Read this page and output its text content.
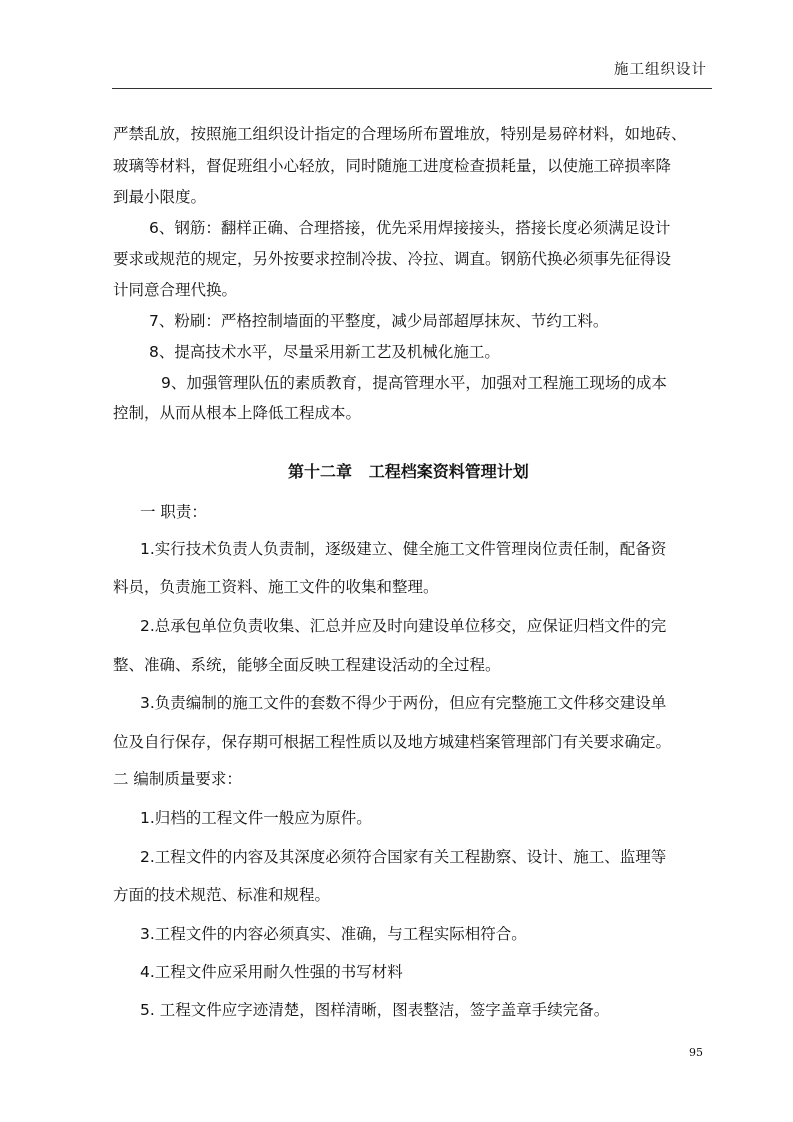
施工组织设计
严禁乱放，按照施工组织设计指定的合理场所布置堆放，特别是易碎材料，如地砖、
玻璃等材料，督促班组小心轻放，同时随施工进度检查损耗量，以使施工碎损率降
到最小限度。
6、钢筋：翻样正确、合理搭接，优先采用焊接接头，搭接长度必须满足设计
要求或规范的规定，另外按要求控制冷拔、冷拉、调直。钢筋代换必须事先征得设
计同意合理代换。
7、粉刷：严格控制墙面的平整度，减少局部超厚抹灰、节约工料。
8、提高技术水平，尽量采用新工艺及机械化施工。
9、加强管理队伍的素质教育，提高管理水平，加强对工程施工现场的成本
控制，从而从根本上降低工程成本。
第十二章   工程档案资料管理计划
一 职责：
1.实行技术负责人负责制，逐级建立、健全施工文件管理岗位责任制，配备资
料员，负责施工资料、施工文件的收集和整理。
2.总承包单位负责收集、汇总并应及时向建设单位移交，应保证归档文件的完
整、准确、系统，能够全面反映工程建设活动的全过程。
3.负责编制的施工文件的套数不得少于两份，但应有完整施工文件移交建设单
位及自行保存，保存期可根据工程性质以及地方城建档案管理部门有关要求确定。
二 编制质量要求：
1.归档的工程文件一般应为原件。
2.工程文件的内容及其深度必须符合国家有关工程勘察、设计、施工、监理等
方面的技术规范、标准和规程。
3.工程文件的内容必须真实、准确，与工程实际相符合。
4.工程文件应采用耐久性强的书写材料
5. 工程文件应字迹清楚，图样清晰，图表整洁，签字盖章手续完备。
95
